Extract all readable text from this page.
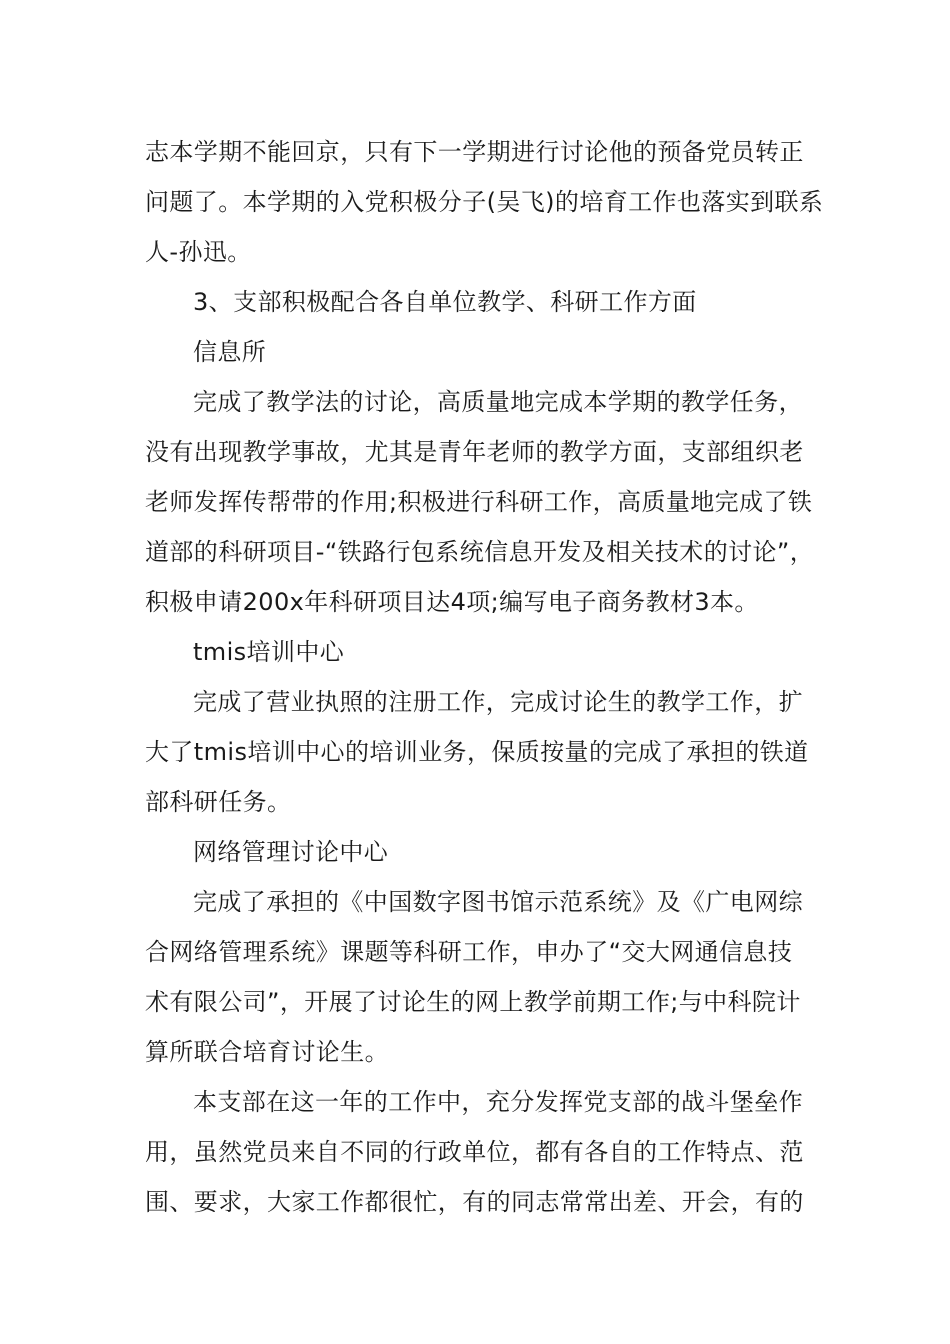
志本学期不能回京，只有下一学期进行讨论他的预备党员转正
问题了。本学期的入党积极分子(吴飞)的培育工作也落实到联系
人-孙迅。
3、支部积极配合各自单位教学、科研工作方面
信息所
完成了教学法的讨论，高质量地完成本学期的教学任务，
没有出现教学事故，尤其是青年老师的教学方面，支部组织老
老师发挥传帮带的作用;积极进行科研工作，高质量地完成了铁
道部的科研项目-“铁路行包系统信息开发及相关技术的讨论”，
积极申请200x年科研项目达4项;编写电子商务教材3本。
tmis培训中心
完成了营业执照的注册工作，完成讨论生的教学工作，扩
大了tmis培训中心的培训业务，保质按量的完成了承担的铁道
部科研任务。
网络管理讨论中心
完成了承担的《中国数字图书馆示范系统》及《广电网综
合网络管理系统》课题等科研工作，申办了“交大网通信息技
术有限公司”，开展了讨论生的网上教学前期工作;与中科院计
算所联合培育讨论生。
本支部在这一年的工作中，充分发挥党支部的战斗堡垒作
用，虽然党员来自不同的行政单位，都有各自的工作特点、范
围、要求，大家工作都很忙，有的同志常常出差、开会，有的
